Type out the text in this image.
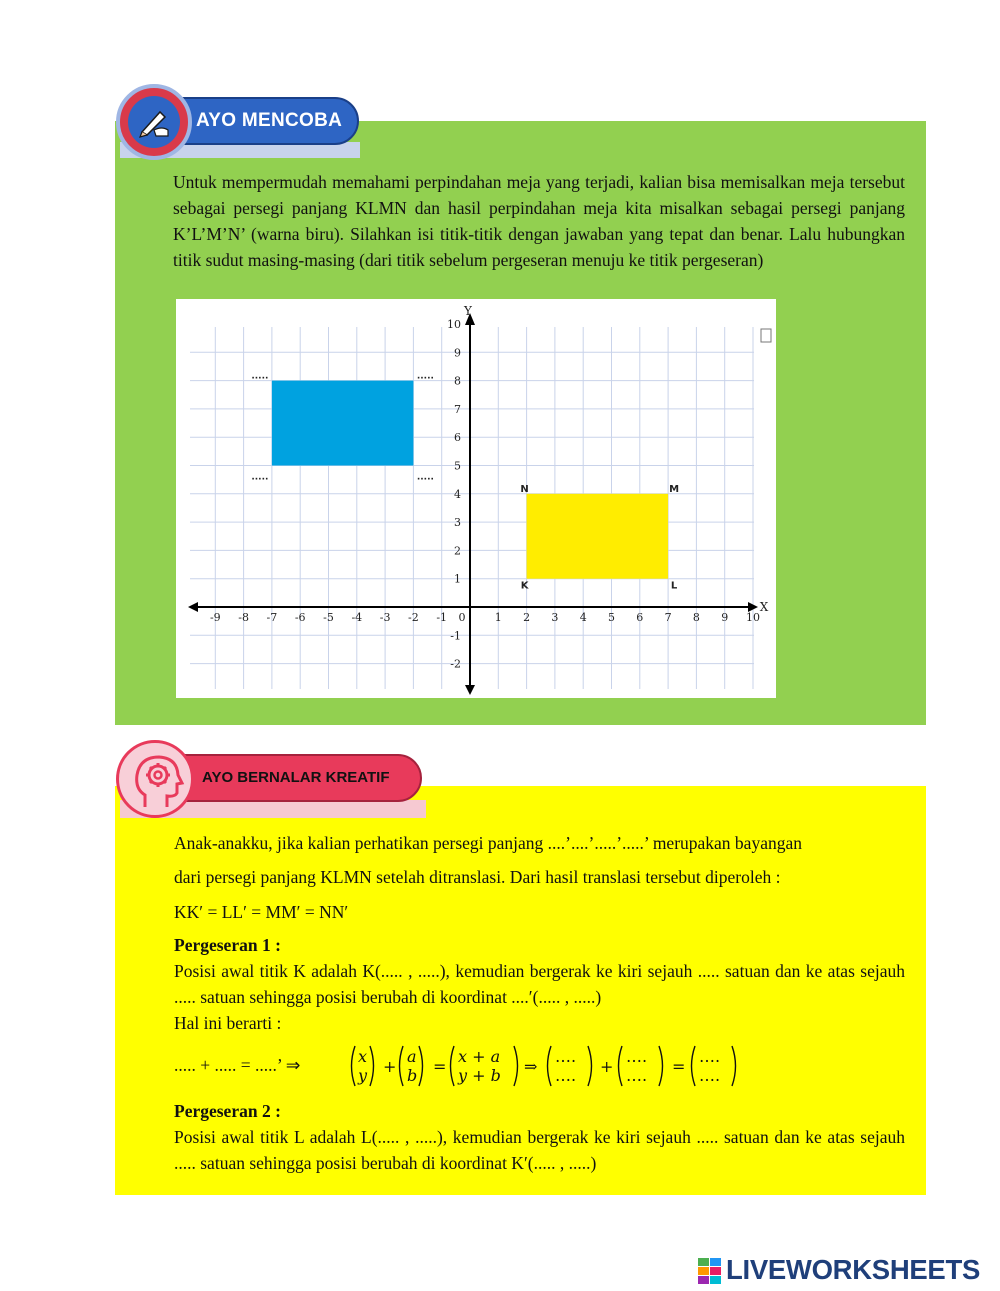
Untuk mempermudah memahami perpindahan meja yang terjadi, kalian bisa memisalkan meja tersebut sebagai persegi panjang KLMN dan hasil perpindahan meja kita misalkan sebagai persegi panjang K’L’M’N’ (warna biru). Silahkan isi titik-titik dengan jawaban yang tepat dan benar. Lalu hubungkan titik sudut masing-masing (dari titik sebelum pergeseran menuju ke titik pergeseran)

AYO MENCOBA
X
Y
-9 -8 -7 -6 -5 -4 -3 -2 -1 0	1 2 3 4 5 6 7 8 9 10
10
9
8
7
6
5
4
3
2
1
-1
-2
K	L
M
N
.....	.....
.....	.....
AYO BERNALAR KREATIF

Anak-anakku, jika kalian perhatikan persegi panjang ....’....’.....’.....’ merupakan bayangan

dari persegi panjang KLMN setelah ditranslasi. Dari hasil translasi tersebut diperoleh :

KK′ = LL′ = MM′ = NN′

Pergeseran 1 :

Posisi awal titik K adalah K(..... , .....), kemudian bergerak ke kiri sejauh ..... satuan dan ke atas sejauh ..... satuan sehingga posisi berubah di koordinat ....′(..... , .....)

Hal ini berarti :

..... + ..... = .....’ ⇒	x
y +
a
b =
x + a
y + b ⇒
….
…. +
….
…. =
….
….

Pergeseran 2 :

Posisi awal titik L adalah L(..... , .....), kemudian bergerak ke kiri sejauh ..... satuan dan ke atas sejauh ..... satuan sehingga posisi berubah di koordinat K′(..... , .....)

LIVEWORKSHEETS
